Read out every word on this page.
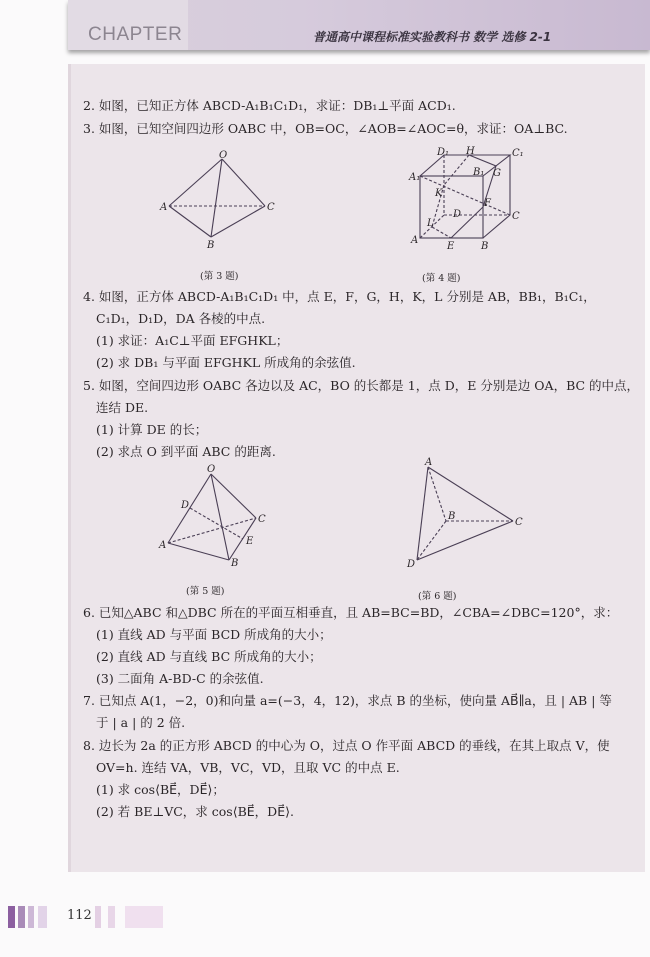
CHAPTER	普通高中课程标准实验教科书 数学 选修 2-1
2. 如图，已知正方体 ABCD-A₁B₁C₁D₁，求证：DB₁⊥平面 ACD₁.
3. 如图，已知空间四边形 OABC 中，OB=OC，∠AOB=∠AOC=θ，求证：OA⊥BC.
4. 如图，正方体 ABCD-A₁B₁C₁D₁ 中，点 E，F，G，H，K，L 分别是 AB，BB₁，B₁C₁，
C₁D₁，D₁D，DA 各棱的中点.
(1) 求证：A₁C⊥平面 EFGHKL；
(2) 求 DB₁ 与平面 EFGHKL 所成角的余弦值.
5. 如图，空间四边形 OABC 各边以及 AC，BO 的长都是 1，点 D，E 分别是边 OA，BC 的中点，
连结 DE.
(1) 计算 DE 的长；
(2) 求点 O 到平面 ABC 的距离.
6. 已知△ABC 和△DBC 所在的平面互相垂直，且 AB=BC=BD，∠CBA=∠DBC=120°，求：
(1) 直线 AD 与平面 BCD 所成角的大小；
(2) 直线 AD 与直线 BC 所成角的大小；
(3) 二面角 A-BD-C 的余弦值.
7. 已知点 A(1，−2，0)和向量 a=(−3，4，12)，求点 B 的坐标，使向量 AB⃗∥a，且 | AB | 等
于 | a | 的 2 倍.
8. 边长为 2a 的正方形 ABCD 的中心为 O，过点 O 作平面 ABCD 的垂线，在其上取点 V，使
OV=h. 连结 VA，VB，VC，VD，且取 VC 的中点 E.
(1) 求 cos⟨BE⃗，DE⃗⟩；
(2) 若 BE⊥VC，求 cos⟨BE⃗，DE⃗⟩.
O
A
B
C
(第 3 题)
D₁ H	C₁
A₁	B₁ G
K
F
D	C
L
A
E	B
(第 4 题)
O
D
C
E
A
B
(第 5 题)
A
B
C
D
(第 6 题)
112
